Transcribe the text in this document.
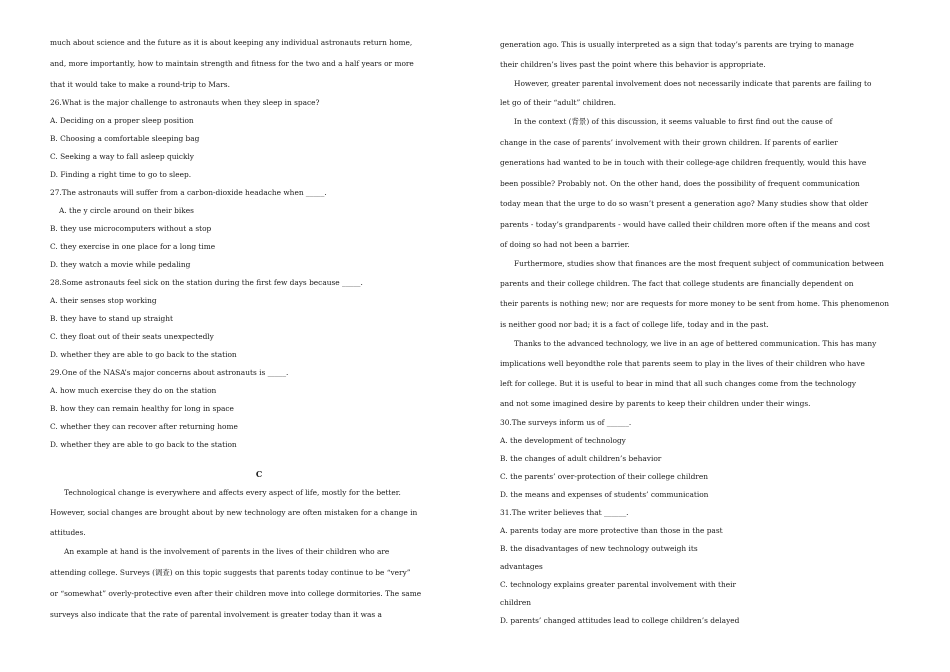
much about science and the future as it is about keeping any individual astronauts return home,
and, more importantly, how to maintain strength and fitness for the two and a half years or more
that it would take to make a round-trip to Mars.
26.What is the major challenge to astronauts when they sleep in space?
A. Deciding on a proper sleep position
B. Choosing a comfortable sleeping bag
C. Seeking a way to fall asleep quickly
D. Finding a right time to go to sleep.
27.The astronauts will suffer from a carbon-dioxide headache when _____.
A. the y circle around on their bikes
B. they use microcomputers without a stop
C. they exercise in one place for a long time
D. they watch a movie while pedaling
28.Some astronauts feel sick on the station during the first few days because _____.
A. their senses stop working
B. they have to stand up straight
C. they float out of their seats unexpectedly
D. whether they are able to go back to the station
29.One of the NASA’s major concerns about astronauts is _____.
A. how much exercise they do on the station
B. how they can remain healthy for long in space
C. whether they can recover after returning home
D. whether they are able to go back to the station
C
Technological change is everywhere and affects every aspect of life, mostly for the better.
However, social changes are brought about by new technology are often mistaken for a change in
attitudes.
An example at hand is the involvement of parents in the lives of their children who are
attending college. Surveys (调查) on this topic suggests that parents today continue to be “very”
or “somewhat” overly-protective even after their children move into college dormitories. The same
surveys also indicate that the rate of parental involvement is greater today than it was a
generation ago. This is usually interpreted as a sign that today’s parents are trying to manage
their children’s lives past the point where this behavior is appropriate.
However, greater parental involvement does not necessarily indicate that parents are failing to
let go of their “adult” children.
In the context (背景) of this discussion, it seems valuable to first find out the cause of
change in the case of parents’ involvement with their grown children. If parents of earlier
generations had wanted to be in touch with their college-age children frequently, would this have
been possible? Probably not. On the other hand, does the possibility of frequent communication
today mean that the urge to do so wasn’t present a generation ago? Many studies show that older
parents - today’s grandparents - would have called their children more often if the means and cost
of doing so had not been a barrier.
Furthermore, studies show that finances are the most frequent subject of communication between
parents and their college children. The fact that college students are financially dependent on
their parents is nothing new; nor are requests for more money to be sent from home. This phenomenon
is neither good nor bad; it is a fact of college life, today and in the past.
Thanks to the advanced technology, we live in an age of bettered communication. This has many
implications well beyondthe role that parents seem to play in the lives of their children who have
left for college. But it is useful to bear in mind that all such changes come from the technology
and not some imagined desire by parents to keep their children under their wings.
30.The surveys inform us of ______.
A. the development of technology
B. the changes of adult children’s behavior
C. the parents’ over-protection of their college children
D. the means and expenses of students’ communication
31.The writer believes that ______.
A. parents today are more protective than those in the past
B. the disadvantages of new technology outweigh its
advantages
C. technology explains greater parental involvement with their
children
D. parents’ changed attitudes lead to college children’s delayed
